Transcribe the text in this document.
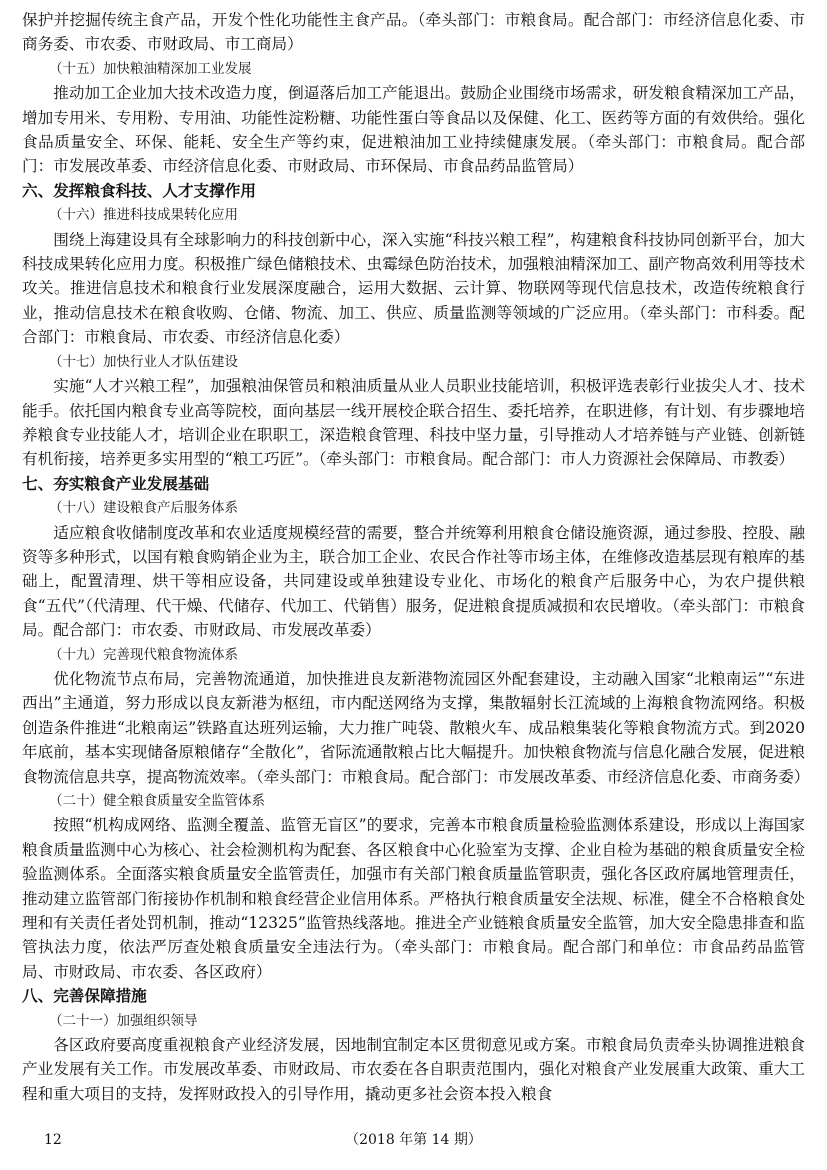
保护并挖掘传统主食产品，开发个性化功能性主食产品。（牵头部门：市粮食局。配合部门：市经济信息化委、市商务委、市农委、市财政局、市工商局）

（十五）加快粮油精深加工业发展

推动加工企业加大技术改造力度，倒逼落后加工产能退出。鼓励企业围绕市场需求，研发粮食精深加工产品，增加专用米、专用粉、专用油、功能性淀粉糖、功能性蛋白等食品以及保健、化工、医药等方面的有效供给。强化食品质量安全、环保、能耗、安全生产等约束，促进粮油加工业持续健康发展。（牵头部门：市粮食局。配合部门：市发展改革委、市经济信息化委、市财政局、市环保局、市食品药品监管局）

六、发挥粮食科技、人才支撑作用

（十六）推进科技成果转化应用

围绕上海建设具有全球影响力的科技创新中心，深入实施“科技兴粮工程”，构建粮食科技协同创新平台，加大科技成果转化应用力度。积极推广绿色储粮技术、虫霉绿色防治技术，加强粮油精深加工、副产物高效利用等技术攻关。推进信息技术和粮食行业发展深度融合，运用大数据、云计算、物联网等现代信息技术，改造传统粮食行业，推动信息技术在粮食收购、仓储、物流、加工、供应、质量监测等领域的广泛应用。（牵头部门：市科委。配合部门：市粮食局、市农委、市经济信息化委）

（十七）加快行业人才队伍建设

实施“人才兴粮工程”，加强粮油保管员和粮油质量从业人员职业技能培训，积极评选表彰行业拔尖人才、技术能手。依托国内粮食专业高等院校，面向基层一线开展校企联合招生、委托培养，在职进修，有计划、有步骤地培养粮食专业技能人才，培训企业在职职工，深造粮食管理、科技中坚力量，引导推动人才培养链与产业链、创新链有机衔接，培养更多实用型的“粮工巧匠”。（牵头部门：市粮食局。配合部门：市人力资源社会保障局、市教委）

七、夯实粮食产业发展基础

（十八）建设粮食产后服务体系

适应粮食收储制度改革和农业适度规模经营的需要，整合并统筹利用粮食仓储设施资源，通过参股、控股、融资等多种形式，以国有粮食购销企业为主，联合加工企业、农民合作社等市场主体，在维修改造基层现有粮库的基础上，配置清理、烘干等相应设备，共同建设或单独建设专业化、市场化的粮食产后服务中心，为农户提供粮食“五代”（代清理、代干燥、代储存、代加工、代销售）服务，促进粮食提质减损和农民增收。（牵头部门：市粮食局。配合部门：市农委、市财政局、市发展改革委）

（十九）完善现代粮食物流体系

优化物流节点布局，完善物流通道，加快推进良友新港物流园区外配套建设，主动融入国家“北粮南运”“东进西出”主通道，努力形成以良友新港为枢纽，市内配送网络为支撑，集散辐射长江流域的上海粮食物流网络。积极创造条件推进“北粮南运”铁路直达班列运输，大力推广吨袋、散粮火车、成品粮集装化等粮食物流方式。到2020年底前，基本实现储备原粮储存“全散化”，省际流通散粮占比大幅提升。加快粮食物流与信息化融合发展，促进粮食物流信息共享，提高物流效率。（牵头部门：市粮食局。配合部门：市发展改革委、市经济信息化委、市商务委）

（二十）健全粮食质量安全监管体系

按照“机构成网络、监测全覆盖、监管无盲区”的要求，完善本市粮食质量检验监测体系建设，形成以上海国家粮食质量监测中心为核心、社会检测机构为配套、各区粮食中心化验室为支撑、企业自检为基础的粮食质量安全检验监测体系。全面落实粮食质量安全监管责任，加强市有关部门粮食质量监管职责，强化各区政府属地管理责任，推动建立监管部门衔接协作机制和粮食经营企业信用体系。严格执行粮食质量安全法规、标准，健全不合格粮食处理和有关责任者处罚机制，推动“12325”监管热线落地。推进全产业链粮食质量安全监管，加大安全隐患排查和监管执法力度，依法严厉查处粮食质量安全违法行为。（牵头部门：市粮食局。配合部门和单位：市食品药品监管局、市财政局、市农委、各区政府）

八、完善保障措施

（二十一）加强组织领导

各区政府要高度重视粮食产业经济发展，因地制宜制定本区贯彻意见或方案。市粮食局负责牵头协调推进粮食产业发展有关工作。市发展改革委、市财政局、市农委在各自职责范围内，强化对粮食产业发展重大政策、重大工程和重大项目的支持，发挥财政投入的引导作用，撬动更多社会资本投入粮食

12	（2018 年第 14 期）
